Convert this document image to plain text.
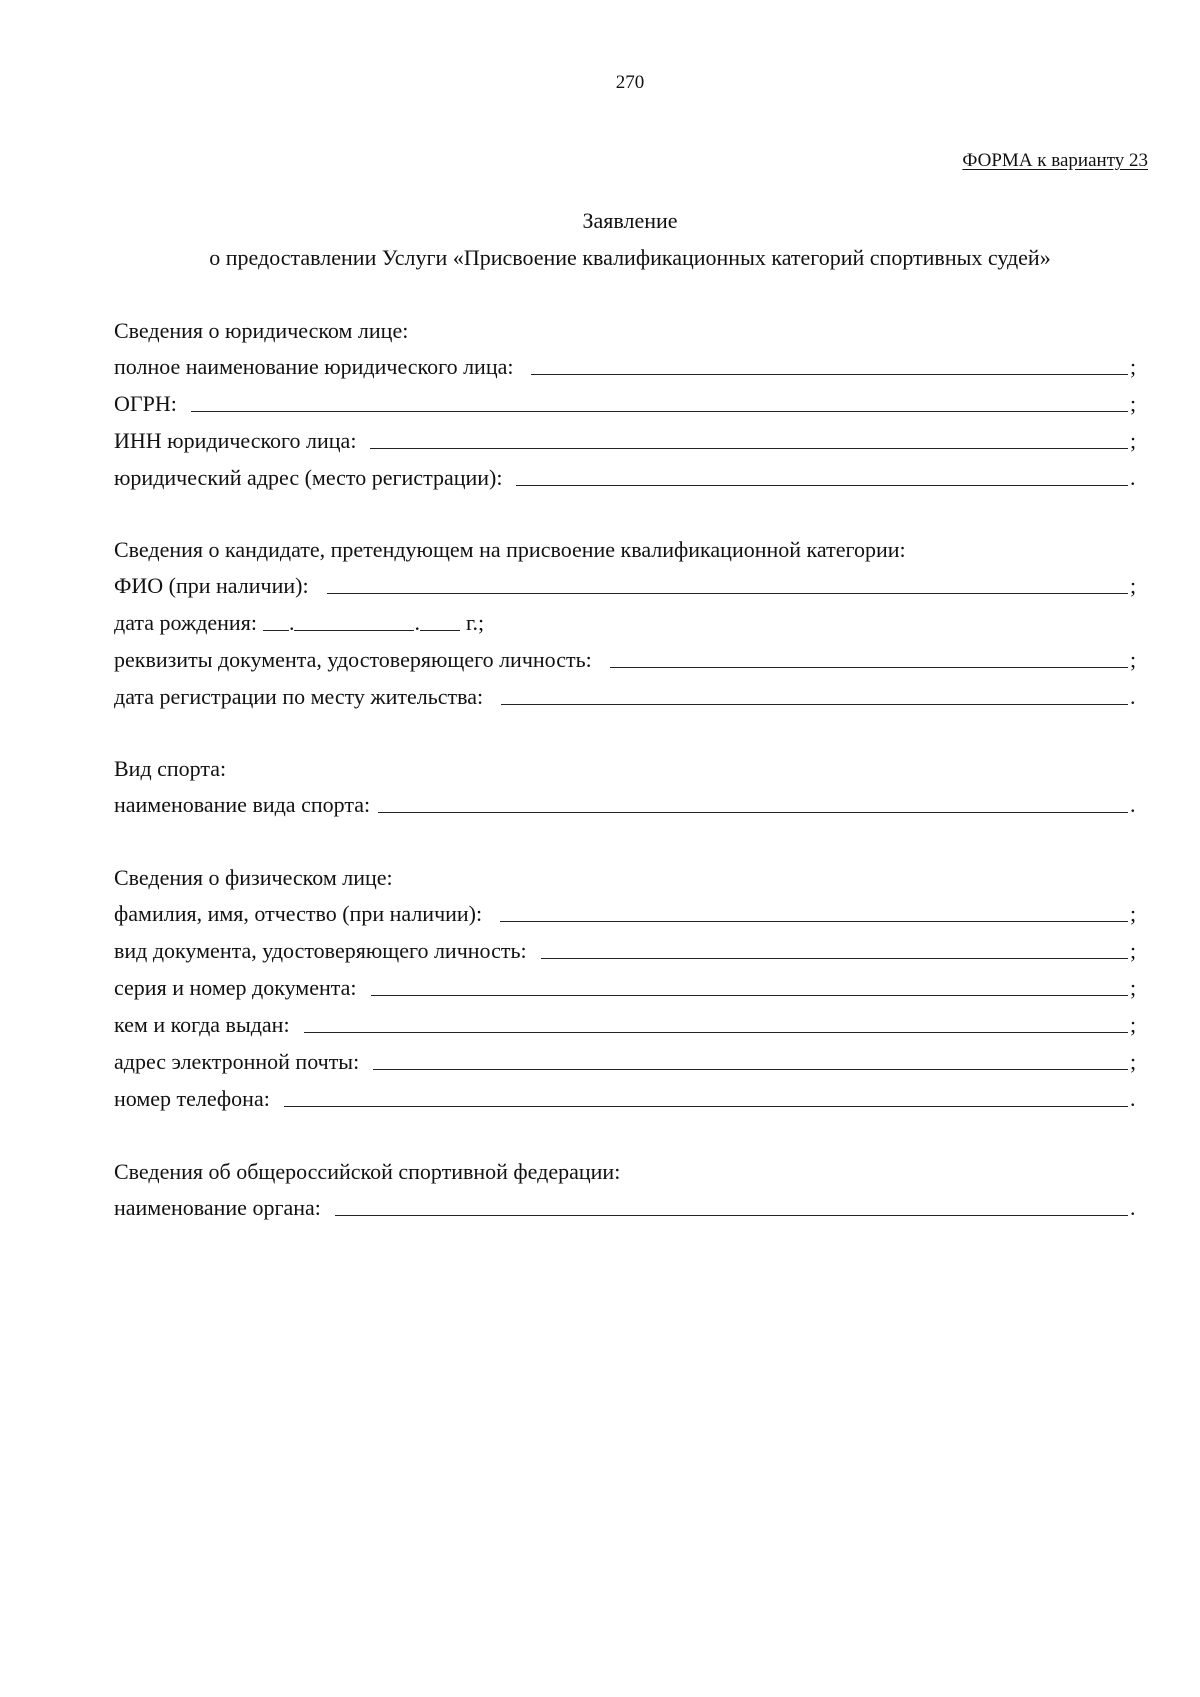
270
ФОРМА к варианту 23
Заявление
о предоставлении Услуги «Присвоение квалификационных категорий спортивных судей»
Сведения о юридическом лице:
полное наименование юридического лица:	;
ОГРН:	;
ИНН юридического лица:	;
юридический адрес (место регистрации):	.
Сведения о кандидате, претендующем на присвоение квалификационной категории:
ФИО (при наличии):	;
дата рождения: .	. г.;
реквизиты документа, удостоверяющего личность:	;
дата регистрации по месту жительства:	.
Вид спорта:
наименование вида спорта:	.
Сведения о физическом лице:
фамилия, имя, отчество (при наличии):	;
вид документа, удостоверяющего личность:	;
серия и номер документа:	;
кем и когда выдан:	;
адрес электронной почты:	;
номер телефона:	.
Сведения об общероссийской спортивной федерации:
наименование органа:	.
